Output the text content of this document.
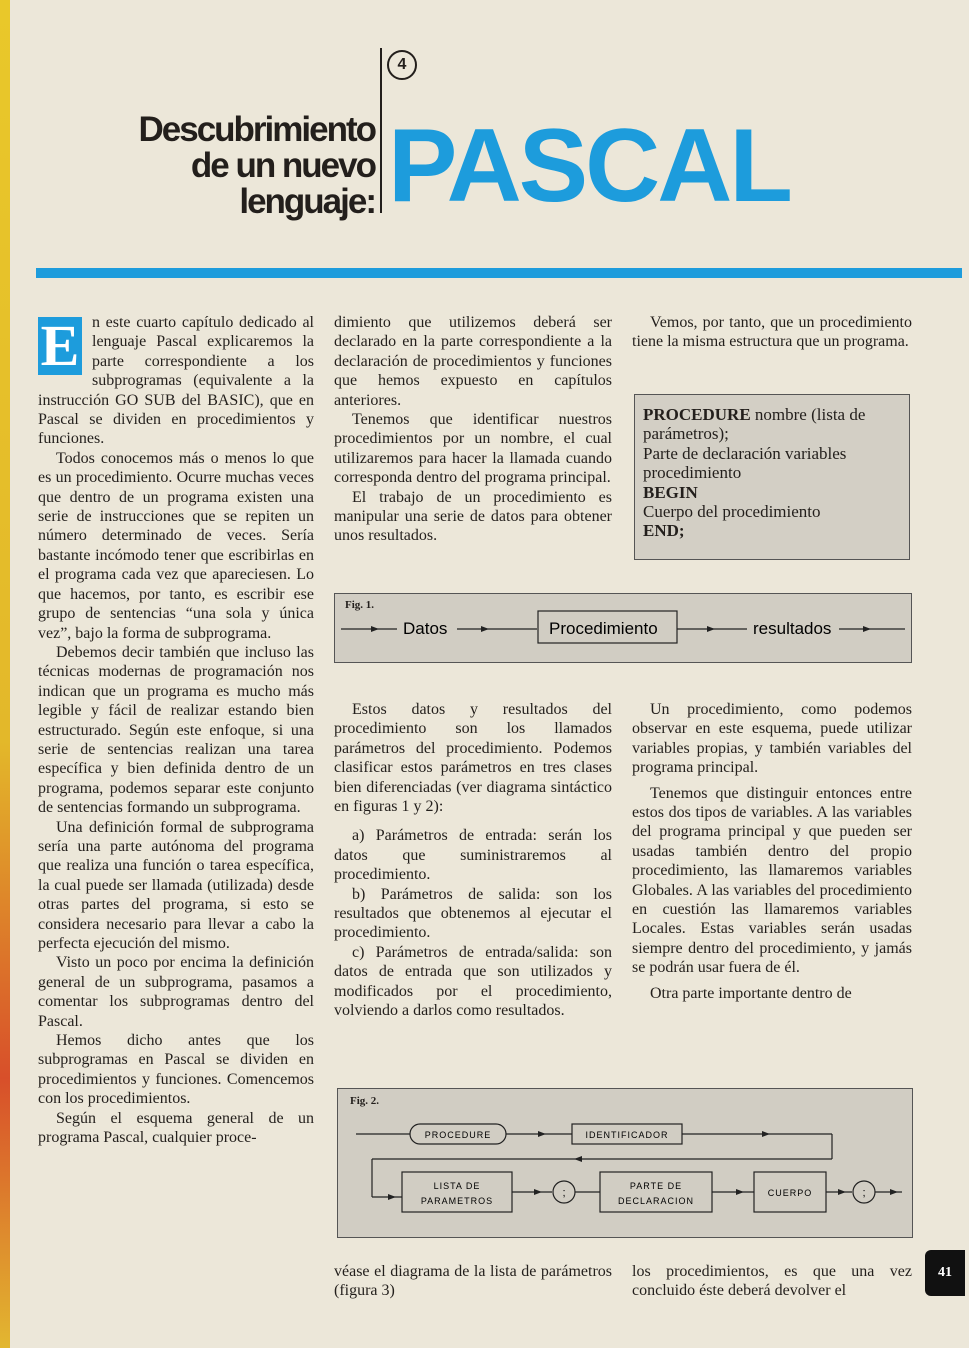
4
Descubrimiento
de un nuevo
lenguaje: PASCAL

E n este cuarto capítulo dedicado al lenguaje Pascal explicaremos la parte correspondiente a los subprogramas (equivalente a la instrucción GO SUB del BASIC), que en Pascal se dividen en procedimientos y funciones.

Todos conocemos más o menos lo que es un procedimiento. Ocurre muchas veces que dentro de un programa existen una serie de instrucciones que se repiten un número determinado de veces. Sería bastante incómodo tener que escribirlas en el programa cada vez que apareciesen. Lo que hacemos, por tanto, es escribir ese grupo de sentencias “una sola y única vez”, bajo la forma de subprograma.

Debemos decir también que incluso las técnicas modernas de programación nos indican que un programa es mucho más legible y fácil de realizar estando bien estructurado. Según este enfoque, si una serie de sentencias realizan una tarea específica y bien definida dentro de un programa, podemos separar este conjunto de sentencias formando un subprograma.

Una definición formal de subprograma sería una parte autónoma del programa que realiza una función o tarea específica, la cual puede ser llamada (utilizada) desde otras partes del programa, si esto se considera necesario para llevar a cabo la perfecta ejecución del mismo.

Visto un poco por encima la definición general de un subprograma, pasamos a comentar los subprogramas dentro del Pascal.

Hemos dicho antes que los subprogramas en Pascal se dividen en procedimientos y funciones. Comencemos con los procedimientos.

Según el esquema general de un programa Pascal, cualquier proce-

dimiento que utilizemos deberá ser declarado en la parte correspondiente a la declaración de procedimientos y funciones que hemos expuesto en capítulos anteriores.

Tenemos que identificar nuestros procedimientos por un nombre, el cual utilizaremos para hacer la llamada cuando corresponda dentro del programa principal.

El trabajo de un procedimiento es manipular una serie de datos para obtener unos resultados.

Vemos, por tanto, que un procedimiento tiene la misma estructura que un programa.

PROCEDURE nombre (lista de parámetros);
Parte de declaración variables procedimiento
BEGIN
Cuerpo del procedimiento
END;
Fig. 1.
Datos	Procedimiento	resultados

Estos datos y resultados del procedimiento son los llamados parámetros del procedimiento. Podemos clasificar estos parámetros en tres clases bien diferenciadas (ver diagrama sintáctico en figuras 1 y 2):

a) Parámetros de entrada: serán los datos que suministraremos al procedimiento.

b) Parámetros de salida: son los resultados que obtenemos al ejecutar el procedimiento.

c) Parámetros de entrada/salida: son datos de entrada que son utilizados y modificados por el procedimiento, volviendo a darlos como resultados.

Un procedimiento, como podemos observar en este esquema, puede utilizar variables propias, y también variables del programa principal.

Tenemos que distinguir entonces entre estos dos tipos de variables. A las variables del programa principal y que pueden ser usadas también dentro del propio procedimiento, las llamaremos variables Globales. A las variables del procedimiento en cuestión las llamaremos variables Locales. Estas variables serán usadas siempre dentro del procedimiento, y jamás se podrán usar fuera de él.

Otra parte importante dentro de

Fig. 2.
PROCEDURE	IDENTIFICADOR
LISTA DE
PARAMETROS
;
PARTE DE
DECLARACION
CUERPO	;

véase el diagrama de la lista de parámetros (figura 3)

los procedimientos, es que una vez concluido éste deberá devolver el

41
